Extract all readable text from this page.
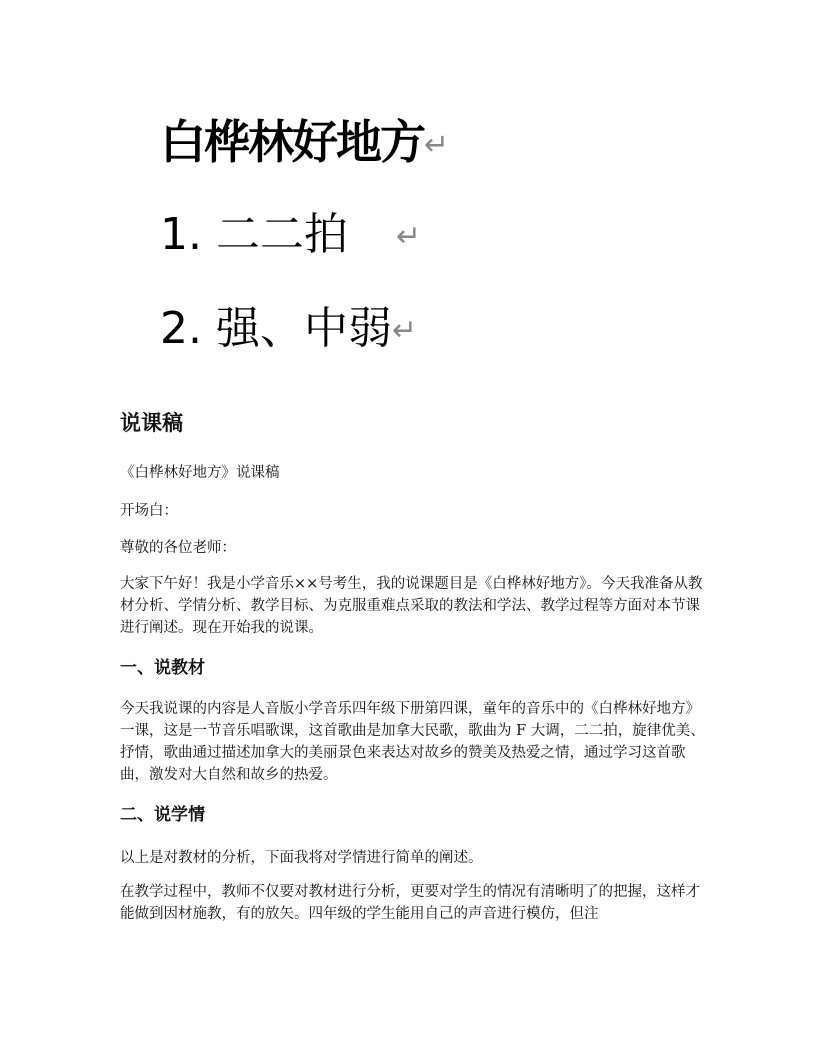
白桦林好地方↵
1. 二二拍 ↵
2. 强、中弱↵
说课稿
《白桦林好地方》说课稿
开场白：
尊敬的各位老师：
大家下午好！我是小学音乐××号考生，我的说课题目是《白桦林好地方》。今天我准备从教材分析、学情分析、教学目标、为克服重难点采取的教法和学法、教学过程等方面对本节课进行阐述。现在开始我的说课。
一、说教材
今天我说课的内容是人音版小学音乐四年级下册第四课，童年的音乐中的《白桦林好地方》一课，这是一节音乐唱歌课，这首歌曲是加拿大民歌，歌曲为 F 大调，二二拍，旋律优美、抒情，歌曲通过描述加拿大的美丽景色来表达对故乡的赞美及热爱之情，通过学习这首歌曲，激发对大自然和故乡的热爱。
二、说学情
以上是对教材的分析，下面我将对学情进行简单的阐述。
在教学过程中，教师不仅要对教材进行分析，更要对学生的情况有清晰明了的把握，这样才能做到因材施教，有的放矢。四年级的学生能用自己的声音进行模仿，但注
